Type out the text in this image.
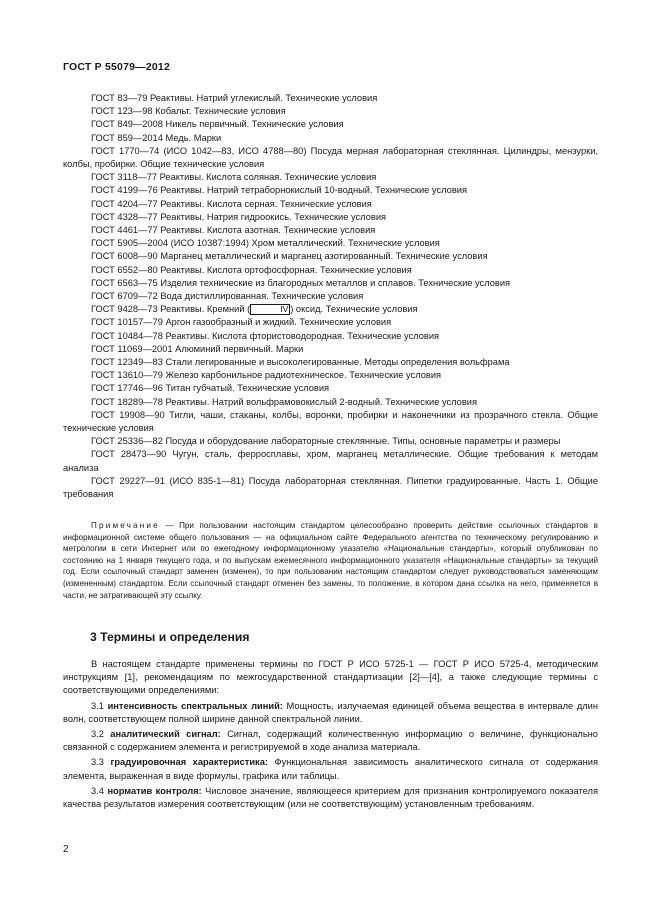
ГОСТ Р 55079—2012

ГОСТ 83—79 Реактивы. Натрий углекислый. Технические условия

ГОСТ 123—98 Кобальт. Технические условия

ГОСТ 849—2008 Никель первичный. Технические условия

ГОСТ 859—2014 Медь. Марки

ГОСТ 1770—74 (ИСО 1042—83, ИСО 4788—80) Посуда мерная лабораторная стеклянная. Цилиндры, мензурки, колбы, пробирки. Общие технические условия

ГОСТ 3118—77 Реактивы. Кислота соляная. Технические условия

ГОСТ 4199—76 Реактивы. Натрий тетраборнокислый 10-водный. Технические условия

ГОСТ 4204—77 Реактивы. Кислота серная. Технические условия

ГОСТ 4328—77 Реактивы. Натрия гидроокись. Технические условия

ГОСТ 4461—77 Реактивы. Кислота азотная. Технические условия

ГОСТ 5905—2004 (ИСО 10387:1994) Хром металлический. Технические условия

ГОСТ 6008—90 Марганец металлический и марганец азотированный. Технические условия

ГОСТ 6552—80 Реактивы. Кислота ортофосфорная. Технические условия

ГОСТ 6563—75 Изделия технические из благородных металлов и сплавов. Технические условия

ГОСТ 6709—72 Вода дистиллированная. Технические условия

ГОСТ 9428—73 Реактивы. Кремний (	IV ) оксид. Технические условия

ГОСТ 10157—79 Аргон газообразный и жидкий. Технические условия

ГОСТ 10484—78 Реактивы. Кислота фтористоводородная. Технические условия

ГОСТ 11069—2001 Алюминий первичный. Марки

ГОСТ 12349—83 Стали легированные и высоколегированные. Методы определения вольфрама

ГОСТ 13610—79 Железо карбонильное радиотехническое. Технические условия

ГОСТ 17746—96 Титан губчатый. Технические условия

ГОСТ 18289—78 Реактивы. Натрий вольфрамовокислый 2-водный. Технические условия

ГОСТ 19908—90 Тигли, чаши, стаканы, колбы, воронки, пробирки и наконечники из прозрачного стекла. Общие технические условия

ГОСТ 25336—82 Посуда и оборудование лабораторные стеклянные. Типы, основные параметры и размеры

ГОСТ 28473—90 Чугун, сталь, ферросплавы, хром, марганец металлические. Общие требования к методам анализа

ГОСТ 29227—91 (ИСО 835-1—81) Посуда лабораторная стеклянная. Пипетки градуированные. Часть 1. Общие требования

Примечание — При пользовании настоящим стандартом целесообразно проверить действие ссылочных стандартов в информационной системе общего пользования — на официальном сайте Федерального агентства по техническому регулированию и метрологии в сети Интернет или по ежегодному информационному указателю «Национальные стандарты», который опубликован по состоянию на 1 января текущего года, и по выпускам ежемесячного информационного указателя «Национальные стандарты» за текущий год. Если ссылочный стандарт заменен (изменен), то при пользовании настоящим стандартом следует руководствоваться заменяющим (измененным) стандартом. Если ссылочный стандарт отменен без замены, то положение, в котором дана ссылка на него, применяется в части, не затрагивающей эту ссылку.

3 Термины и определения

В настоящем стандарте применены термины по ГОСТ Р ИСО 5725-1 — ГОСТ Р ИСО 5725-4, методическим инструкциям [1], рекомендациям по межгосударственной стандартизации [2]—[4], а также следующие термины с соответствующими определениями:

3.1 интенсивность спектральных линий: Мощность, излучаемая единицей объема вещества в интервале длин волн, соответствующем полной ширине данной спектральной линии.

3.2 аналитический сигнал: Сигнал, содержащий количественную информацию о величине, функционально связанной с содержанием элемента и регистрируемой в ходе анализа материала.

3.3 градуировочная характеристика: Функциональная зависимость аналитического сигнала от содержания элемента, выраженная в виде формулы, графика или таблицы.

3.4 норматив контроля: Числовое значение, являющееся критерием для признания контролируемого показателя качества результатов измерения соответствующим (или не соответствующим) установленным требованиям.

2
